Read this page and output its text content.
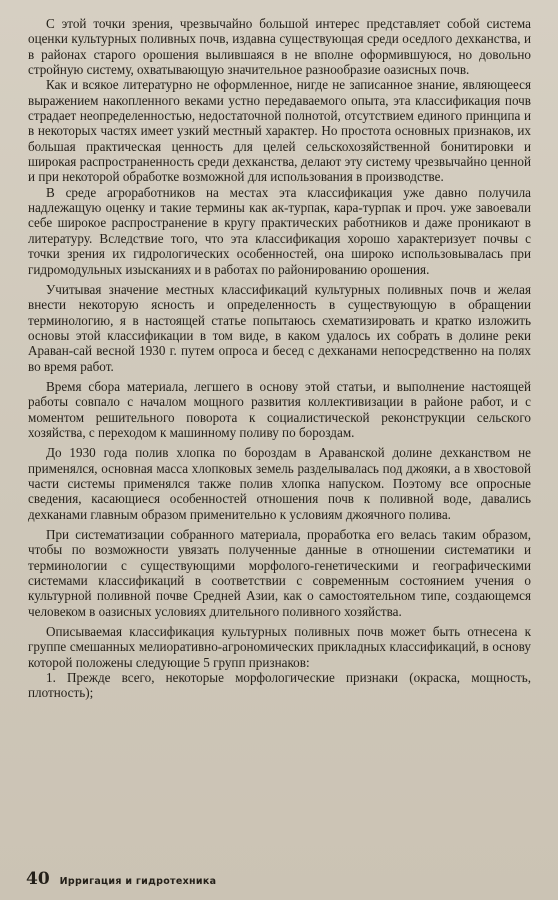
С этой точки зрения, чрезвычайно большой интерес представляет собой система оценки культурных поливных почв, издавна существующая среди оседлого дехканства, и в районах старого орошения вылившаяся в не вполне оформившуюся, но довольно стройную систему, охватывающую значительное разнообразие оазисных почв.

Как и всякое литературно не оформленное, нигде не записанное знание, являющееся выражением накопленного веками устно передаваемого опыта, эта классификация почв страдает неопределенностью, недостаточной полнотой, отсутствием единого принципа и в некоторых частях имеет узкий местный характер. Но простота основных признаков, их большая практическая ценность для целей сельскохозяйственной бонитировки и широкая распространенность среди дехканства, делают эту систему чрезвычайно ценной и при некоторой обработке возможной для использования в производстве.

В среде агроработников на местах эта классификация уже давно получила надлежащую оценку и такие термины как ак-турпак, кара-турпак и проч. уже завоевали себе широкое распространение в кругу практических работников и даже проникают в литературу. Вследствие того, что эта классификация хорошо характеризует почвы с точки зрения их гидрологических особенностей, она широко использовывалась при гидромодульных изысканиях и в работах по районированию орошения.

Учитывая значение местных классификаций культурных поливных почв и желая внести некоторую ясность и определенность в существующую в обращении терминологию, я в настоящей статье попытаюсь схематизировать и кратко изложить основы этой классификации в том виде, в каком удалось их собрать в долине реки Араван-сай весной 1930 г. путем опроса и бесед с дехканами непосредственно на полях во время работ.

Время сбора материала, легшего в основу этой статьи, и выполнение настоящей работы совпало с началом мощного развития коллективизации в районе работ, и с моментом решительного поворота к социалистической реконструкции сельского хозяйства, с переходом к машинному поливу по бороздам.

До 1930 года полив хлопка по бороздам в Араванской долине дехканством не применялся, основная масса хлопковых земель разделывалась под джояки, а в хвостовой части системы применялся также полив хлопка напуском. Поэтому все опросные сведения, касающиеся особенностей отношения почв к поливной воде, давались дехканами главным образом применительно к условиям джоячного полива.

При систематизации собранного материала, проработка его велась таким образом, чтобы по возможности увязать полученные данные в отношении систематики и терминологии с существующими морфолого-генетическими и географическими системами классификаций в соответствии с современным состоянием учения о культурной поливной почве Средней Азии, как о самостоятельном типе, создающемся человеком в оазисных условиях длительного поливного хозяйства.

Описываемая классификация культурных поливных почв может быть отнесена к группе смешанных мелиоративно-агрономических прикладных классификаций, в основу которой положены следующие 5 групп признаков:

1. Прежде всего, некоторые морфологические признаки (окраска, мощность, плотность);

40 Ирригация и гидротехника
